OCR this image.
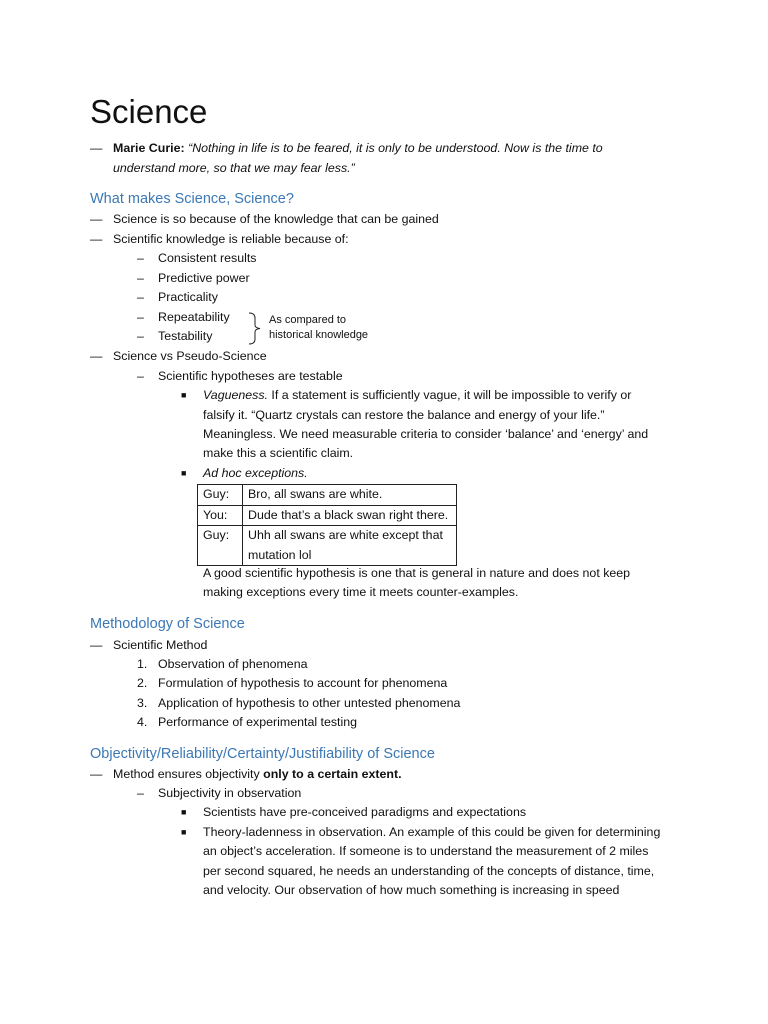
Science
— Marie Curie: “Nothing in life is to be feared, it is only to be understood. Now is the time to
understand more, so that we may fear less.”
What makes Science, Science?
— Science is so because of the knowledge that can be gained
— Scientific knowledge is reliable because of:
– Consistent results
– Predictive power
– Practicality
– Repeatability
– Testability
As compared to
historical knowledge
— Science vs Pseudo-Science
– Scientific hypotheses are testable
■ Vagueness. If a statement is sufficiently vague, it will be impossible to verify or
falsify it. “Quartz crystals can restore the balance and energy of your life.”
Meaningless. We need measurable criteria to consider ‘balance’ and ‘energy’ and
make this a scientific claim.
■ Ad hoc exceptions.
Guy:	Bro, all swans are white.
You:	Dude that’s a black swan right there.
Guy:	Uhh all swans are white except that mutation lol
A good scientific hypothesis is one that is general in nature and does not keep
making exceptions every time it meets counter-examples.
Methodology of Science
— Scientific Method
1. Observation of phenomena
2. Formulation of hypothesis to account for phenomena
3. Application of hypothesis to other untested phenomena
4. Performance of experimental testing
Objectivity/Reliability/Certainty/Justifiability of Science
— Method ensures objectivity only to a certain extent.
– Subjectivity in observation
■ Scientists have pre-conceived paradigms and expectations
■ Theory-ladenness in observation. An example of this could be given for determining
an object’s acceleration. If someone is to understand the measurement of 2 miles
per second squared, he needs an understanding of the concepts of distance, time,
and velocity. Our observation of how much something is increasing in speed
